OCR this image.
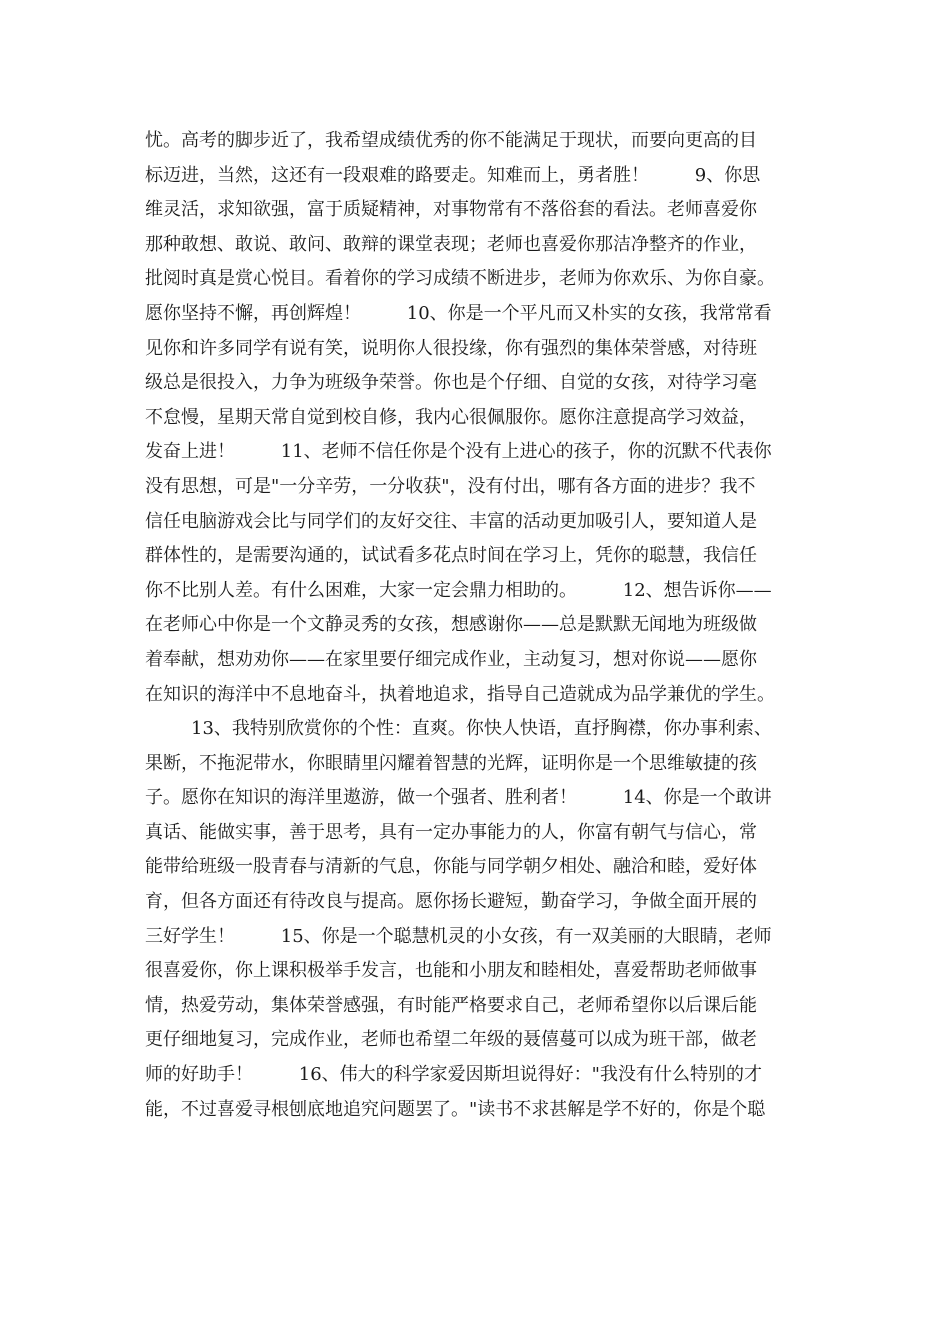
忧。高考的脚步近了，我希望成绩优秀的你不能满足于现状，而要向更高的目
标迈进，当然，这还有一段艰难的路要走。知难而上，勇者胜！        9、你思
维灵活，求知欲强，富于质疑精神，对事物常有不落俗套的看法。老师喜爱你
那种敢想、敢说、敢问、敢辩的课堂表现；老师也喜爱你那洁净整齐的作业，
批阅时真是赏心悦目。看着你的学习成绩不断进步，老师为你欢乐、为你自豪。
愿你坚持不懈，再创辉煌！        10、你是一个平凡而又朴实的女孩，我常常看
见你和许多同学有说有笑，说明你人很投缘，你有强烈的集体荣誉感，对待班
级总是很投入，力争为班级争荣誉。你也是个仔细、自觉的女孩，对待学习毫
不怠慢，星期天常自觉到校自修，我内心很佩服你。愿你注意提高学习效益，
发奋上进！        11、老师不信任你是个没有上进心的孩子，你的沉默不代表你
没有思想，可是"一分辛劳，一分收获"，没有付出，哪有各方面的进步？我不
信任电脑游戏会比与同学们的友好交往、丰富的活动更加吸引人，要知道人是
群体性的，是需要沟通的，试试看多花点时间在学习上，凭你的聪慧，我信任
你不比别人差。有什么困难，大家一定会鼎力相助的。        12、想告诉你——
在老师心中你是一个文静灵秀的女孩，想感谢你——总是默默无闻地为班级做
着奉献，想劝劝你——在家里要仔细完成作业，主动复习，想对你说——愿你
在知识的海洋中不息地奋斗，执着地追求，指导自己造就成为品学兼优的学生。
13、我特别欣赏你的个性：直爽。你快人快语，直抒胸襟，你办事利索、
果断，不拖泥带水，你眼睛里闪耀着智慧的光辉，证明你是一个思维敏捷的孩
子。愿你在知识的海洋里遨游，做一个强者、胜利者！        14、你是一个敢讲
真话、能做实事，善于思考，具有一定办事能力的人，你富有朝气与信心，常
能带给班级一股青春与清新的气息，你能与同学朝夕相处、融洽和睦，爱好体
育，但各方面还有待改良与提高。愿你扬长避短，勤奋学习，争做全面开展的
三好学生！        15、你是一个聪慧机灵的小女孩，有一双美丽的大眼睛，老师
很喜爱你，你上课积极举手发言，也能和小朋友和睦相处，喜爱帮助老师做事
情，热爱劳动，集体荣誉感强，有时能严格要求自己，老师希望你以后课后能
更仔细地复习，完成作业，老师也希望二年级的聂僖蔓可以成为班干部，做老
师的好助手！        16、伟大的科学家爱因斯坦说得好："我没有什么特别的才
能，不过喜爱寻根刨底地追究问题罢了。"读书不求甚解是学不好的，你是个聪
